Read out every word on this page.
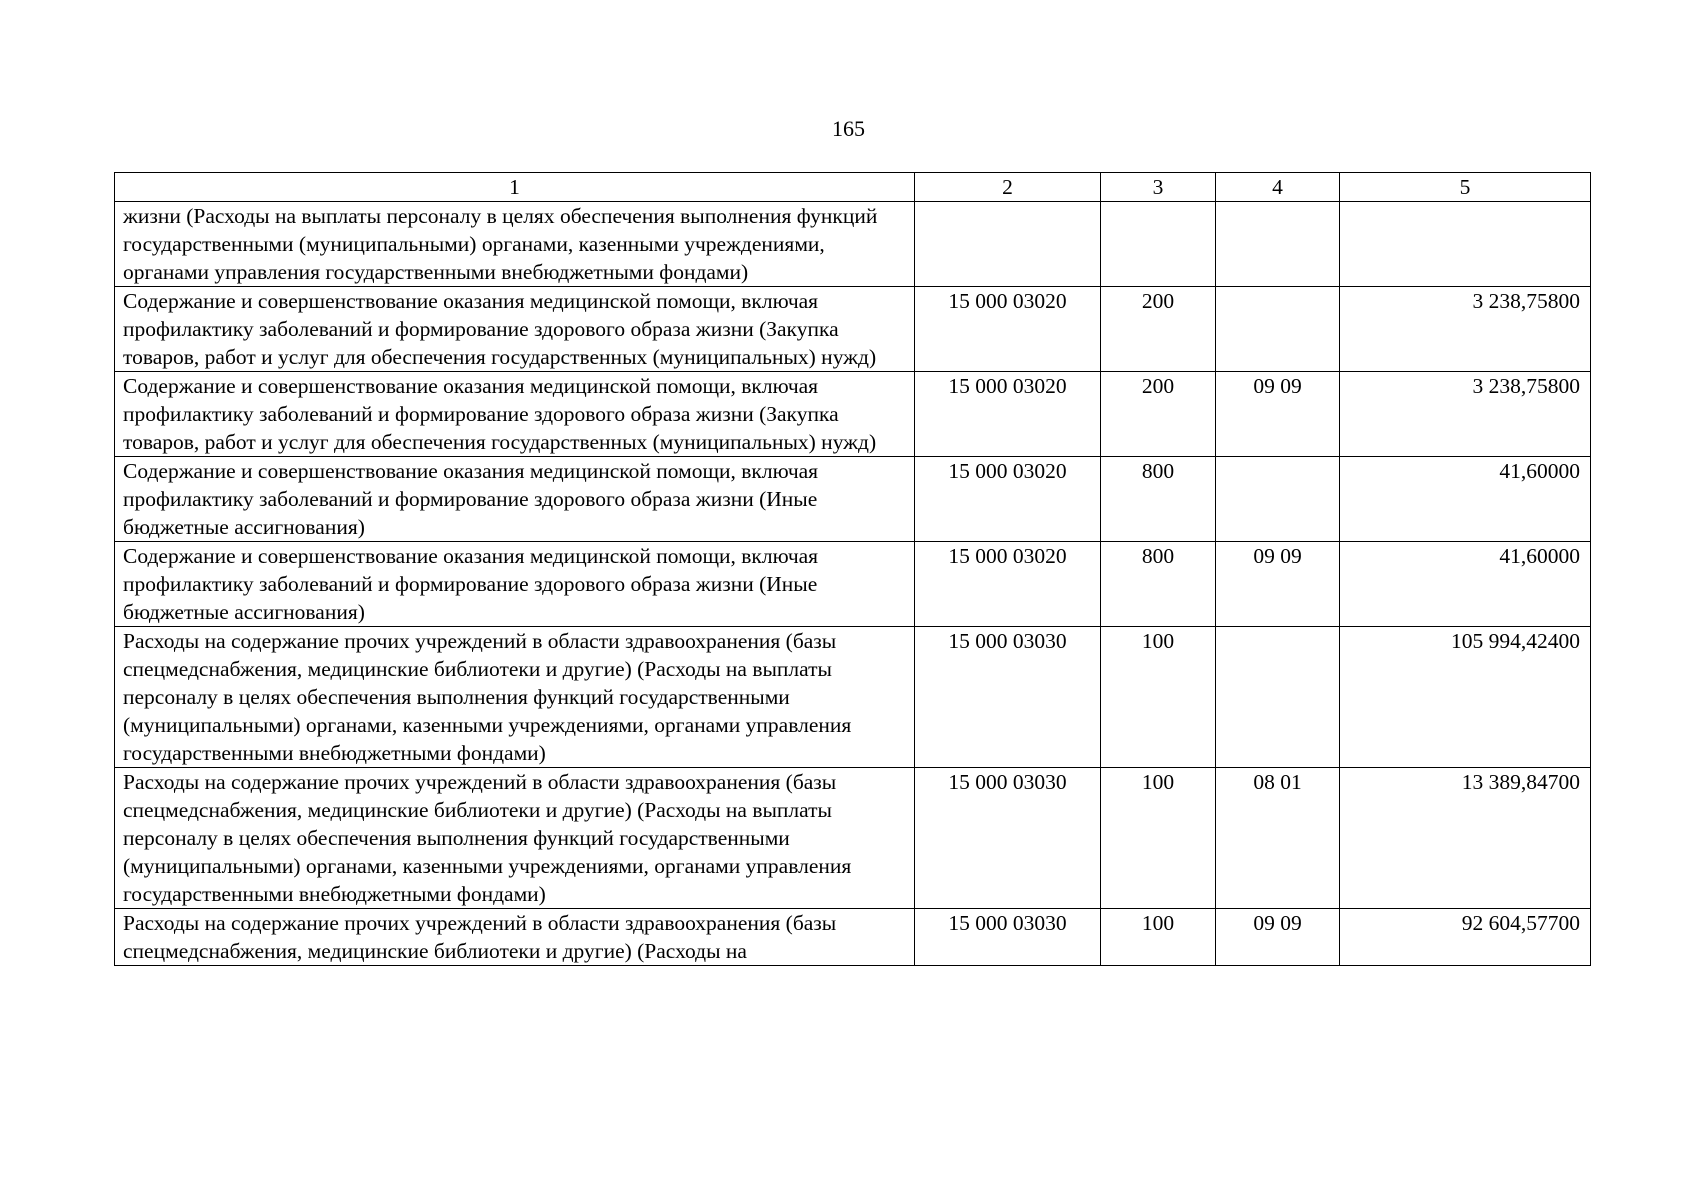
165
1	2	3	4	5
жизни (Расходы на выплаты персоналу в целях обеспечения выполнения функций государственными (муниципальными) органами, казенными учреждениями, органами управления государственными внебюджетными фондами)				
Содержание и совершенствование оказания медицинской помощи, включая профилактику заболеваний и формирование здорового образа жизни (Закупка товаров, работ и услуг для обеспечения государственных (муниципальных) нужд)	15 000 03020	200		3 238,75800
Содержание и совершенствование оказания медицинской помощи, включая профилактику заболеваний и формирование здорового образа жизни (Закупка товаров, работ и услуг для обеспечения государственных (муниципальных) нужд)	15 000 03020	200	09 09	3 238,75800
Содержание и совершенствование оказания медицинской помощи, включая профилактику заболеваний и формирование здорового образа жизни (Иные бюджетные ассигнования)	15 000 03020	800		41,60000
Содержание и совершенствование оказания медицинской помощи, включая профилактику заболеваний и формирование здорового образа жизни (Иные бюджетные ассигнования)	15 000 03020	800	09 09	41,60000
Расходы на содержание прочих учреждений в области здравоохранения (базы спецмедснабжения, медицинские библиотеки и другие) (Расходы на выплаты персоналу в целях обеспечения выполнения функций государственными (муниципальными) органами, казенными учреждениями, органами управления государственными внебюджетными фондами)	15 000 03030	100		105 994,42400
Расходы на содержание прочих учреждений в области здравоохранения (базы спецмедснабжения, медицинские библиотеки и другие) (Расходы на выплаты персоналу в целях обеспечения выполнения функций государственными (муниципальными) органами, казенными учреждениями, органами управления государственными внебюджетными фондами)	15 000 03030	100	08 01	13 389,84700
Расходы на содержание прочих учреждений в области здравоохранения (базы спецмедснабжения, медицинские библиотеки и другие) (Расходы на	15 000 03030	100	09 09	92 604,57700
